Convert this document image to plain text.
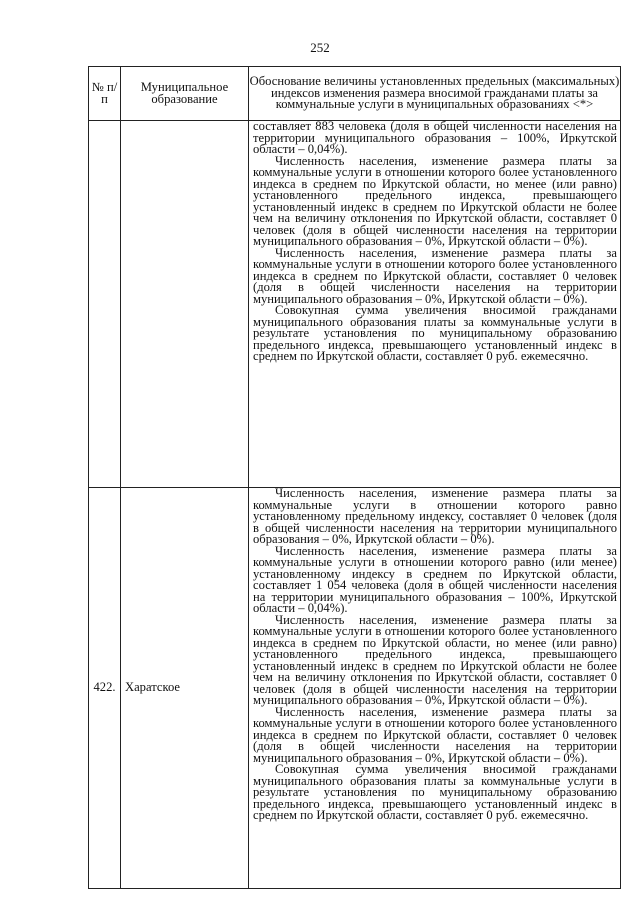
252
№ п/п	Муниципальное образование	Обоснование величины установленных предельных (максимальных) индексов изменения размера вносимой гражданами платы за коммунальные услуги в муниципальных образованиях <*>

		составляет 883 человека (доля в общей численности населения на территории муниципального образования – 100%, Иркутской области – 0,04%).

Численность населения, изменение размера платы за коммунальные услуги в отношении которого более установленного индекса в среднем по Иркутской области, но менее (или равно) установленного предельного индекса, превышающего установленный индекс в среднем по Иркутской области не более чем на величину отклонения по Иркутской области, составляет 0 человек (доля в общей численности населения на территории муниципального образования – 0%, Иркутской области – 0%).

Численность населения, изменение размера платы за коммунальные услуги в отношении которого более установленного индекса в среднем по Иркутской области, составляет 0 человек (доля в общей численности населения на территории муниципального образования – 0%, Иркутской области – 0%).

Совокупная сумма увеличения вносимой гражданами муниципального образования платы за коммунальные услуги в результате установления по муниципальному образованию предельного индекса, превышающего установленный индекс в среднем по Иркутской области, составляет 0 руб. ежемесячно.

422.	Харатское	Численность населения, изменение размера платы за коммунальные услуги в отношении которого равно установленному предельному индексу, составляет 0 человек (доля в общей численности населения на территории муниципального образования – 0%, Иркутской области – 0%).

Численность населения, изменение размера платы за коммунальные услуги в отношении которого равно (или менее) установленному индексу в среднем по Иркутской области, составляет 1 054 человека (доля в общей численности населения на территории муниципального образования – 100%, Иркутской области – 0,04%).

Численность населения, изменение размера платы за коммунальные услуги в отношении которого более установленного индекса в среднем по Иркутской области, но менее (или равно) установленного предельного индекса, превышающего установленный индекс в среднем по Иркутской области не более чем на величину отклонения по Иркутской области, составляет 0 человек (доля в общей численности населения на территории муниципального образования – 0%, Иркутской области – 0%).

Численность населения, изменение размера платы за коммунальные услуги в отношении которого более установленного индекса в среднем по Иркутской области, составляет 0 человек (доля в общей численности населения на территории муниципального образования – 0%, Иркутской области – 0%).

Совокупная сумма увеличения вносимой гражданами муниципального образования платы за коммунальные услуги в результате установления по муниципальному образованию предельного индекса, превышающего установленный индекс в среднем по Иркутской области, составляет 0 руб. ежемесячно.
